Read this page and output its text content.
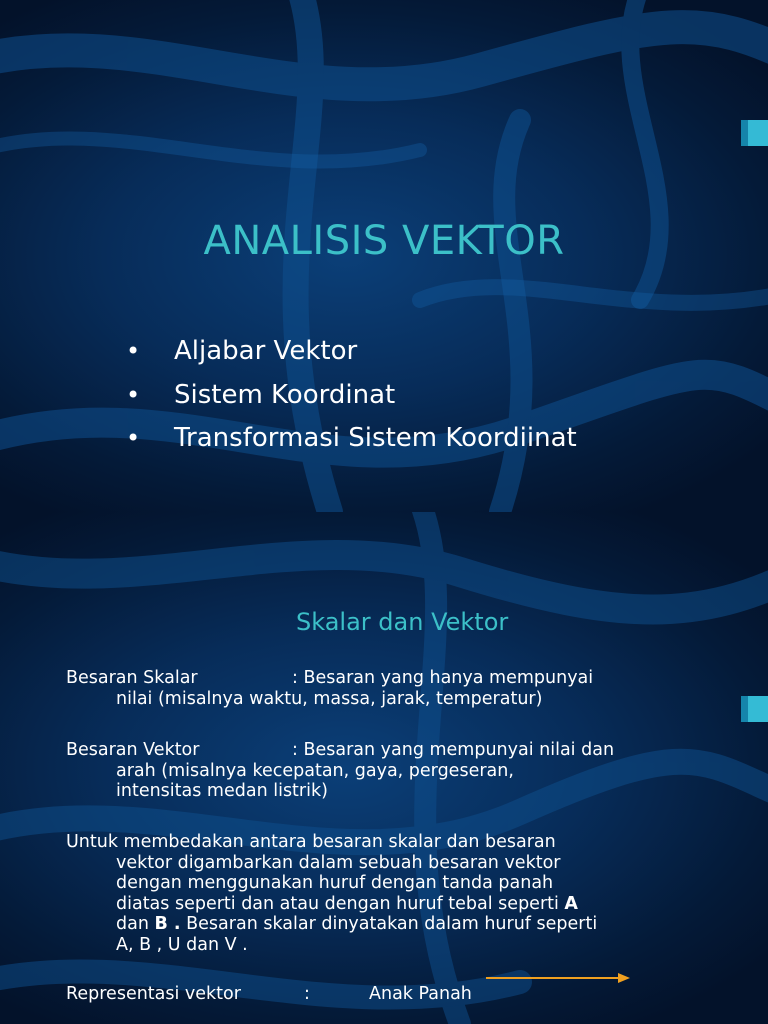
ANALISIS VEKTOR
• Aljabar Vektor
• Sistem Koordinat
• Transformasi Sistem Koordiinat
Skalar dan Vektor
Besaran Skalar	: Besaran yang hanya mempunyai
nilai (misalnya waktu, massa, jarak, temperatur)
Besaran Vektor	: Besaran yang mempunyai nilai dan
arah (misalnya kecepatan, gaya, pergeseran,
intensitas medan listrik)
Untuk membedakan antara besaran skalar dan besaran
vektor digambarkan dalam sebuah besaran vektor
dengan menggunakan huruf dengan tanda panah
diatas seperti dan atau dengan huruf tebal seperti A
dan B . Besaran skalar dinyatakan dalam huruf seperti
A, B , U dan V .
Representasi vektor	:	Anak Panah
